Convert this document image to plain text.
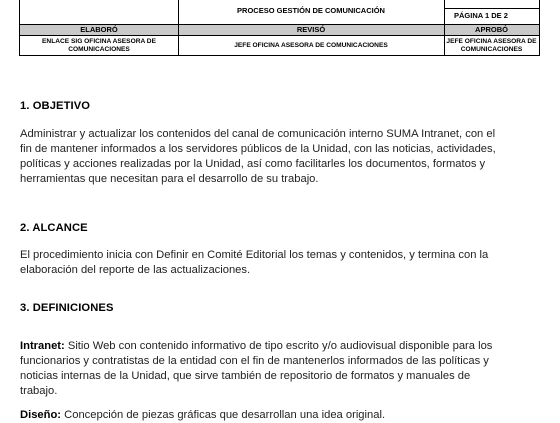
PROCESO GESTIÓN DE COMUNICACIÓN
PÁGINA 1 DE 2
ELABORÓ
ENLACE SIG OFICINA ASESORA DE COMUNICACIONES
REVISÓ
JEFE OFICINA ASESORA DE COMUNICACIONES
APROBÓ
JEFE OFICINA ASESORA DE COMUNICACIONES
1. OBJETIVO
Administrar y actualizar los contenidos del canal de comunicación interno SUMA Intranet, con el fin de mantener informados a los servidores públicos de la Unidad, con las noticias, actividades, políticas y acciones realizadas por la Unidad, así como facilitarles los documentos, formatos y herramientas que necesitan para el desarrollo de su trabajo.
2. ALCANCE
El procedimiento inicia con Definir en Comité Editorial los temas y contenidos, y termina con la elaboración del reporte de las actualizaciones.
3. DEFINICIONES
Intranet: Sitio Web con contenido informativo de tipo escrito y/o audiovisual disponible para los funcionarios y contratistas de la entidad con el fin de mantenerlos informados de las políticas y noticias internas de la Unidad, que sirve también de repositorio de formatos y manuales de trabajo.
Diseño: Concepción de piezas gráficas que desarrollan una idea original.
